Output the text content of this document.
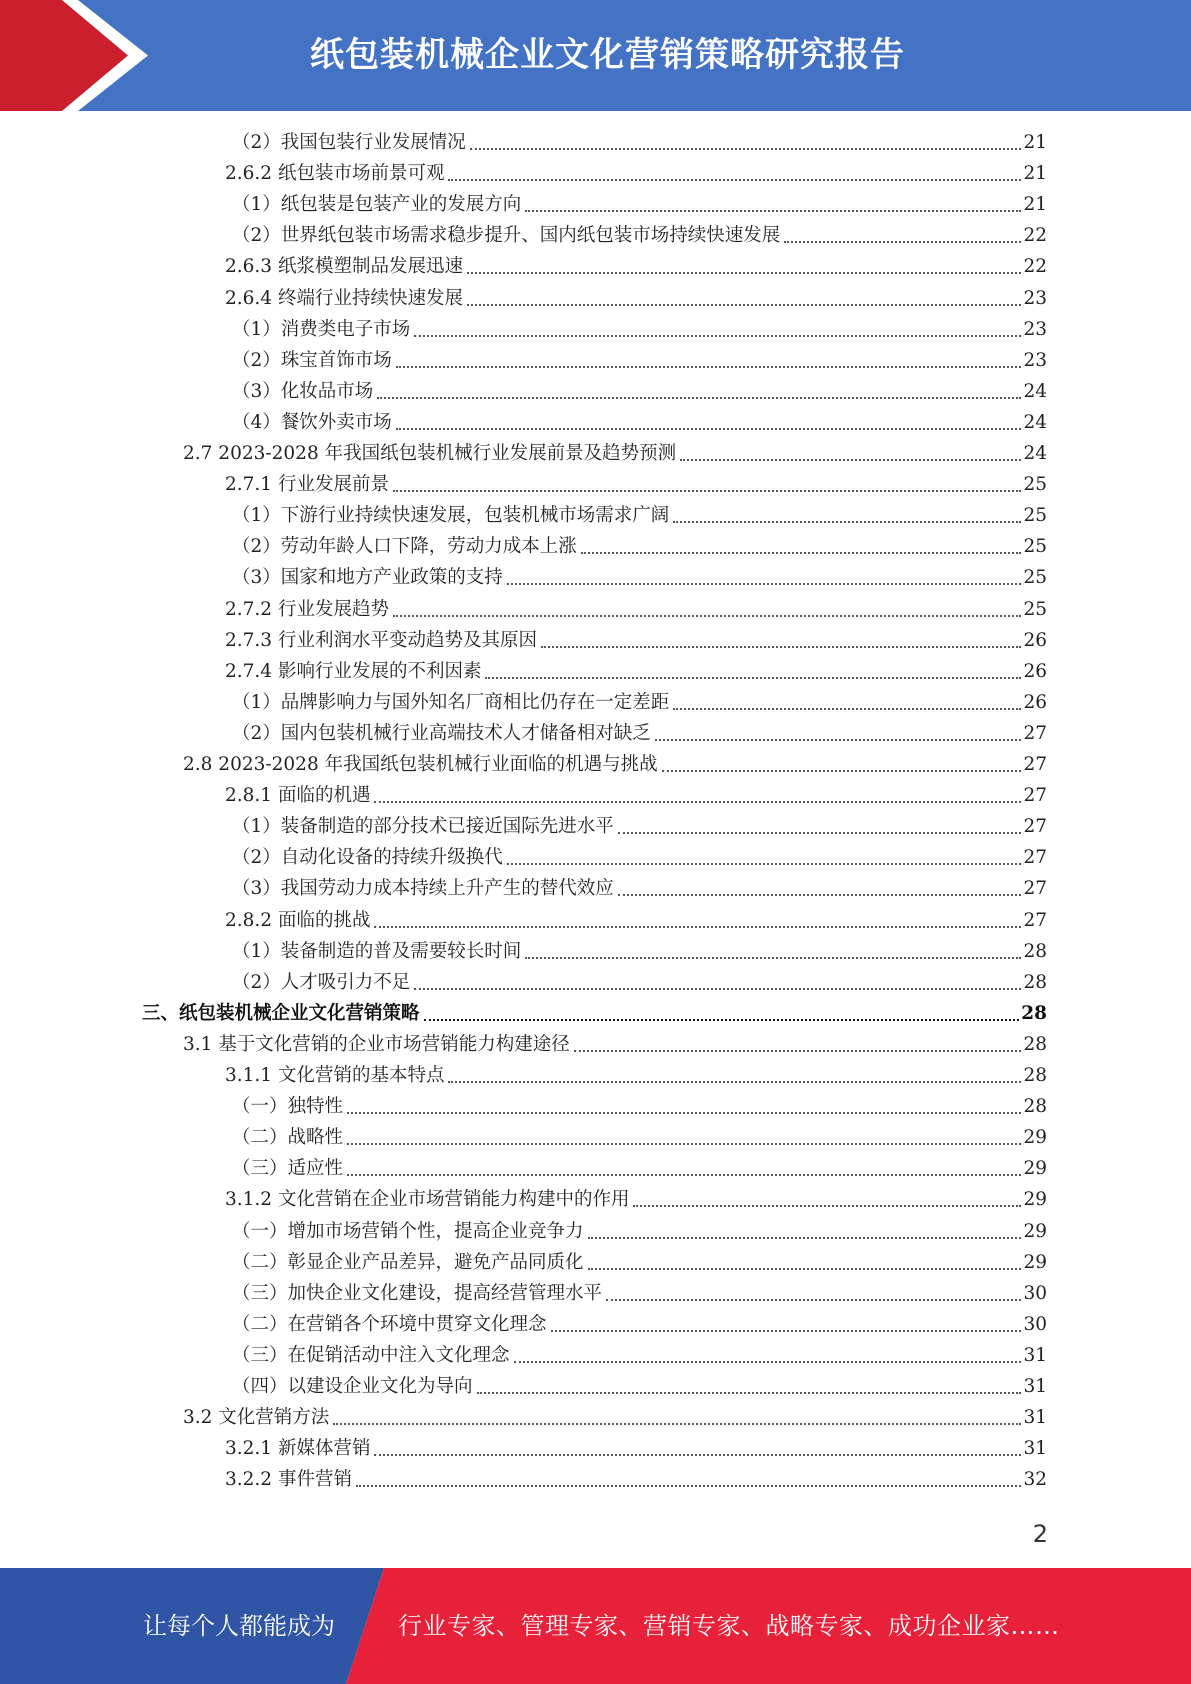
纸包装机械企业文化营销策略研究报告
（2）我国包装行业发展情况	21
2.6.2 纸包装市场前景可观	21
（1）纸包装是包装产业的发展方向	21
（2）世界纸包装市场需求稳步提升、国内纸包装市场持续快速发展	22
2.6.3 纸浆模塑制品发展迅速	22
2.6.4 终端行业持续快速发展	23
（1）消费类电子市场	23
（2）珠宝首饰市场	23
（3）化妆品市场	24
（4）餐饮外卖市场	24
2.7 2023-2028 年我国纸包装机械行业发展前景及趋势预测	24
2.7.1 行业发展前景	25
（1）下游行业持续快速发展，包装机械市场需求广阔	25
（2）劳动年龄人口下降，劳动力成本上涨	25
（3）国家和地方产业政策的支持	25
2.7.2 行业发展趋势	25
2.7.3 行业利润水平变动趋势及其原因	26
2.7.4 影响行业发展的不利因素	26
（1）品牌影响力与国外知名厂商相比仍存在一定差距	26
（2）国内包装机械行业高端技术人才储备相对缺乏	27
2.8 2023-2028 年我国纸包装机械行业面临的机遇与挑战	27
2.8.1 面临的机遇	27
（1）装备制造的部分技术已接近国际先进水平	27
（2）自动化设备的持续升级换代	27
（3）我国劳动力成本持续上升产生的替代效应	27
2.8.2 面临的挑战	27
（1）装备制造的普及需要较长时间	28
（2）人才吸引力不足	28
三、纸包装机械企业文化营销策略	28
3.1 基于文化营销的企业市场营销能力构建途径	28
3.1.1 文化营销的基本特点	28
（一）独特性	28
（二）战略性	29
（三）适应性	29
3.1.2 文化营销在企业市场营销能力构建中的作用	29
（一）增加市场营销个性，提高企业竞争力	29
（二）彰显企业产品差异，避免产品同质化	29
（三）加快企业文化建设，提高经营管理水平	30
（二）在营销各个环境中贯穿文化理念	30
（三）在促销活动中注入文化理念	31
（四）以建设企业文化为导向	31
3.2 文化营销方法	31
3.2.1 新媒体营销	31
3.2.2 事件营销	32
2
让每个人都能成为	行业专家、管理专家、营销专家、战略专家、成功企业家……
